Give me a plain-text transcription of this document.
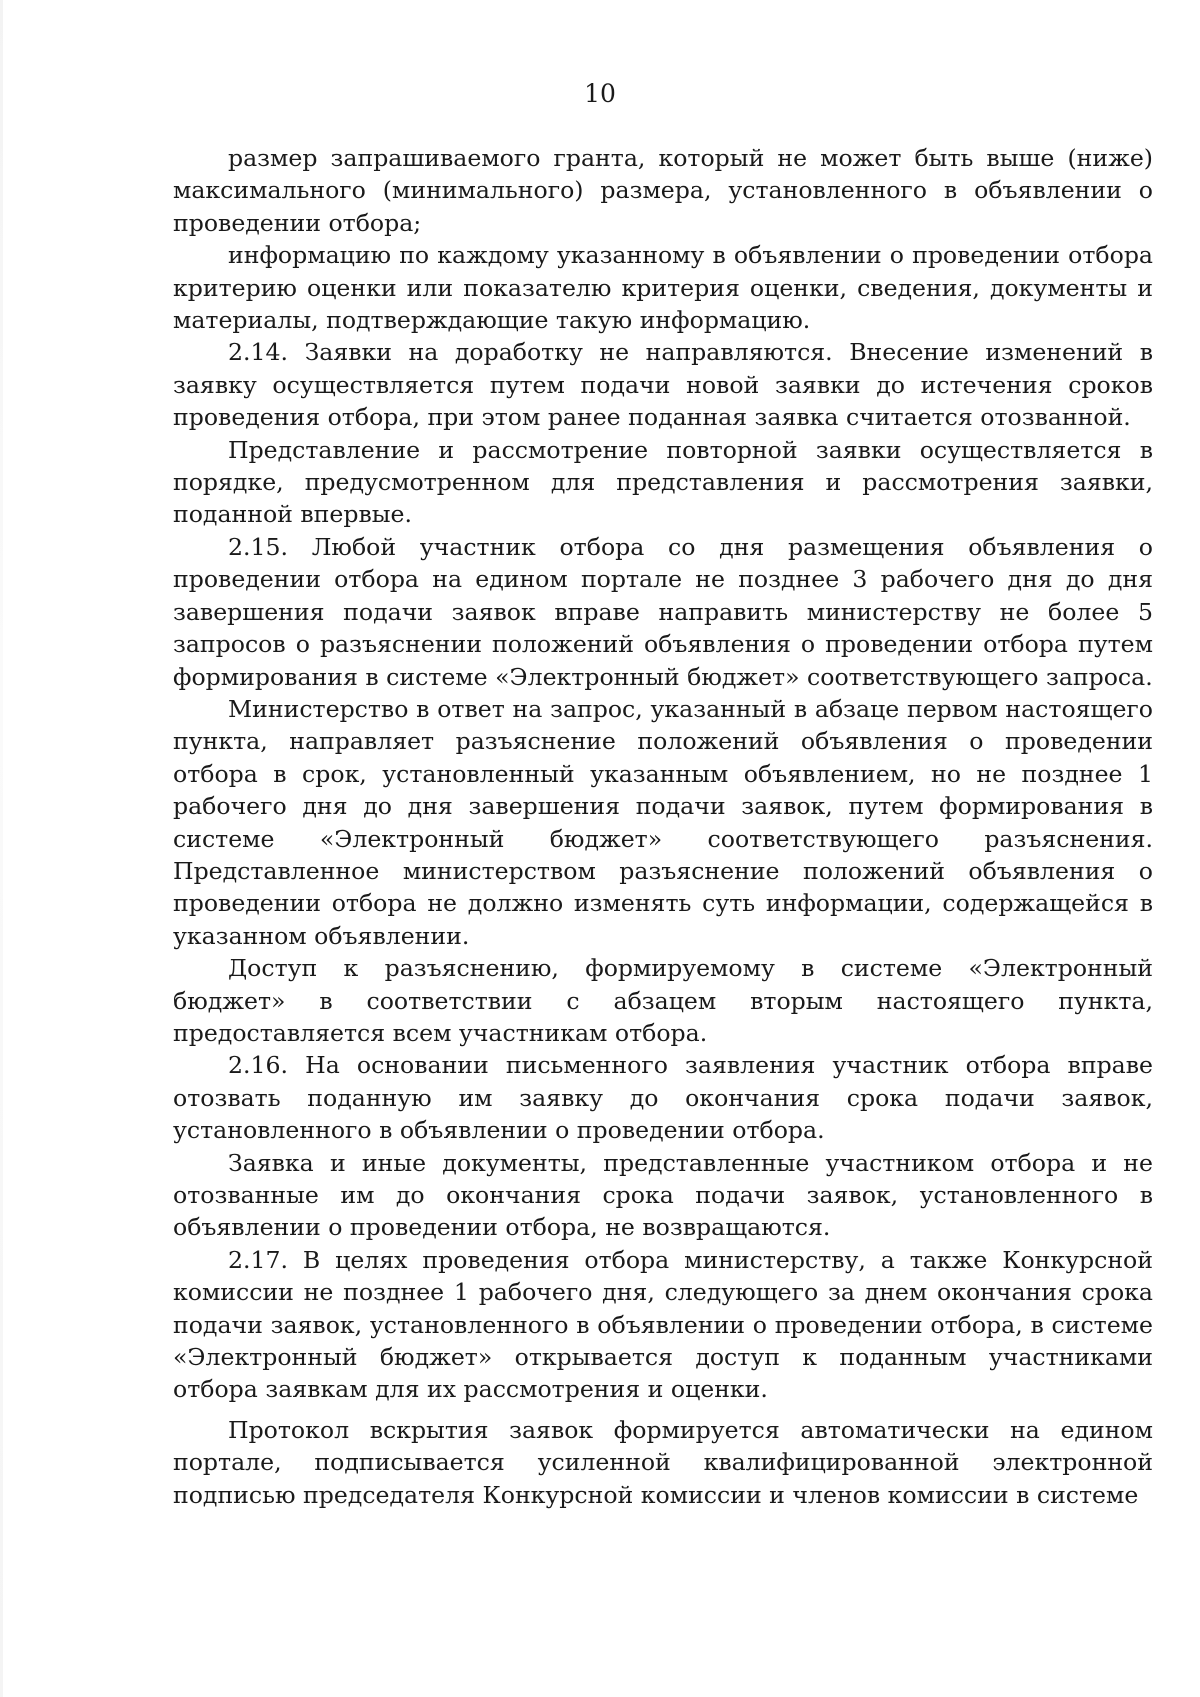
10

размер запрашиваемого гранта, который не может быть выше (ниже) максимального (минимального) размера, установленного в объявлении о проведении отбора;

информацию по каждому указанному в объявлении о проведении отбора критерию оценки или показателю критерия оценки, сведения, документы и материалы, подтверждающие такую информацию.

2.14. Заявки на доработку не направляются. Внесение изменений в заявку осуществляется путем подачи новой заявки до истечения сроков проведения отбора, при этом ранее поданная заявка считается отозванной.

Представление и рассмотрение повторной заявки осуществляется в порядке, предусмотренном для представления и рассмотрения заявки, поданной впервые.

2.15. Любой участник отбора со дня размещения объявления о проведении отбора на едином портале не позднее 3 рабочего дня до дня завершения подачи заявок вправе направить министерству не более 5 запросов о разъяснении положений объявления о проведении отбора путем формирования в системе «Электронный бюджет» соответствующего запроса.

Министерство в ответ на запрос, указанный в абзаце первом настоящего пункта, направляет разъяснение положений объявления о проведении отбора в срок, установленный указанным объявлением, но не позднее 1 рабочего дня до дня завершения подачи заявок, путем формирования в системе «Электронный бюджет» соответствующего разъяснения. Представленное министерством разъяснение положений объявления о проведении отбора не должно изменять суть информации, содержащейся в указанном объявлении.

Доступ к разъяснению, формируемому в системе «Электронный бюджет» в соответствии с абзацем вторым настоящего пункта, предоставляется всем участникам отбора.

2.16. На основании письменного заявления участник отбора вправе отозвать поданную им заявку до окончания срока подачи заявок, установленного в объявлении о проведении отбора.

Заявка и иные документы, представленные участником отбора и не отозванные им до окончания срока подачи заявок, установленного в объявлении о проведении отбора, не возвращаются.

2.17. В целях проведения отбора министерству, а также Конкурсной комиссии не позднее 1 рабочего дня, следующего за днем окончания срока подачи заявок, установленного в объявлении о проведении отбора, в системе «Электронный бюджет» открывается доступ к поданным участниками отбора заявкам для их рассмотрения и оценки.

Протокол вскрытия заявок формируется автоматически на едином портале, подписывается усиленной квалифицированной электронной подписью председателя Конкурсной комиссии и членов комиссии в системе
